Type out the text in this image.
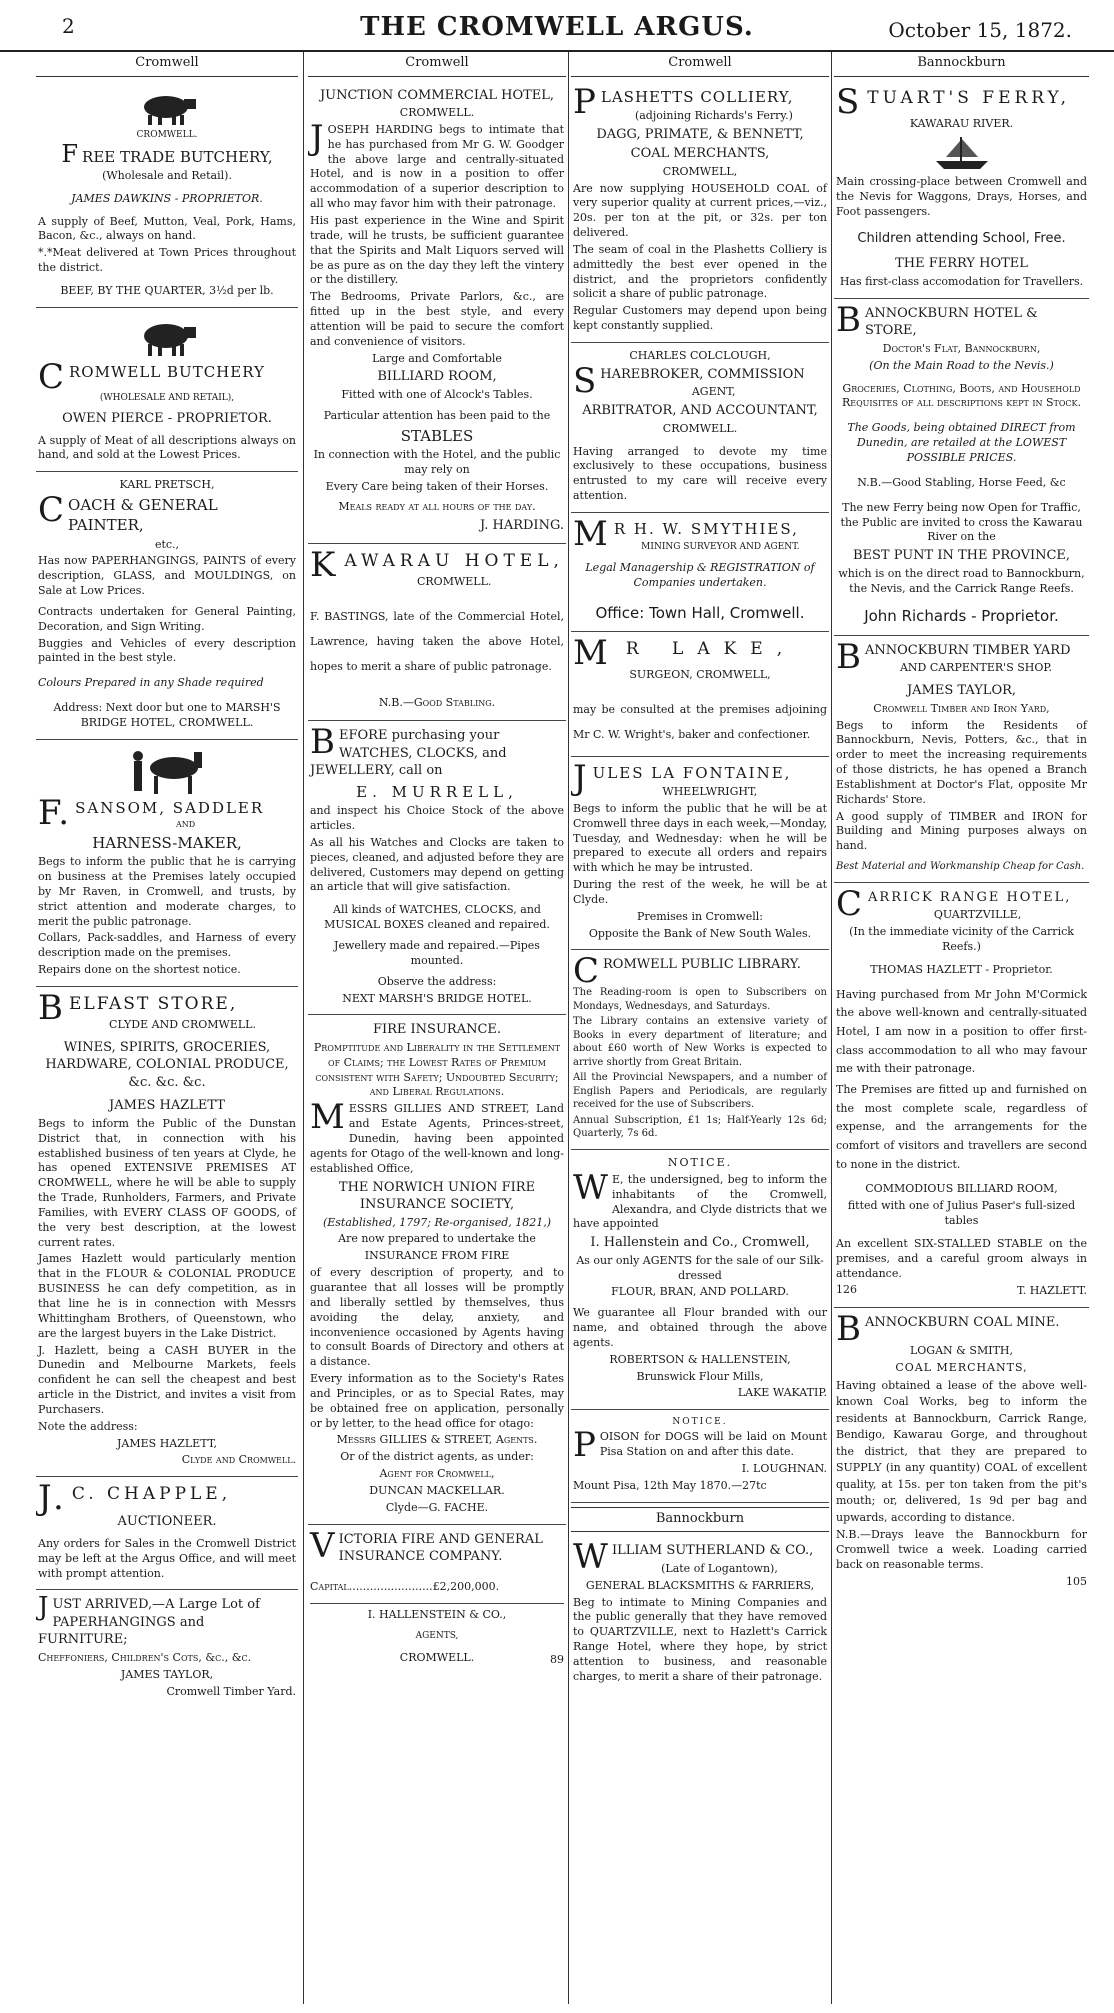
2	THE CROMWELL ARGUS.	October 15, 1872.
Cromwell

CROMWELL.

FREE TRADE BUTCHERY,

(Wholesale and Retail).

JAMES DAWKINS - PROPRIETOR.

A supply of Beef, Mutton, Veal, Pork, Hams, Bacon, &c., always on hand.

*.*Meat delivered at Town Prices throughout the district.

BEEF, BY THE QUARTER, 3½d per lb.

CROMWELL BUTCHERY

(WHOLESALE AND RETAIL),

OWEN PIERCE - PROPRIETOR.

A supply of Meat of all descriptions always on hand, and sold at the Lowest Prices.

KARL PRETSCH,

COACH & GENERAL PAINTER,

etc.,

Has now PAPERHANGINGS, PAINTS of every description, GLASS, and MOULDINGS, on Sale at Low Prices.

Contracts undertaken for General Painting, Decoration, and Sign Writing.

Buggies and Vehicles of every description painted in the best style.

Colours Prepared in any Shade required

Address: Next door but one to MARSH'S BRIDGE HOTEL, CROMWELL.

F. SANSOM, SADDLER

AND

HARNESS-MAKER,

Begs to inform the public that he is carrying on business at the Premises lately occupied by Mr Raven, in Cromwell, and trusts, by strict attention and moderate charges, to merit the public patronage.

Collars, Pack-saddles, and Harness of every description made on the premises.

Repairs done on the shortest notice.

BELFAST STORE,

CLYDE AND CROMWELL.

WINES, SPIRITS, GROCERIES, HARDWARE, COLONIAL PRODUCE, &c. &c. &c.

JAMES HAZLETT

Begs to inform the Public of the Dunstan District that, in connection with his established business of ten years at Clyde, he has opened EXTENSIVE PREMISES AT CROMWELL, where he will be able to supply the Trade, Runholders, Farmers, and Private Families, with EVERY CLASS OF GOODS, of the very best description, at the lowest current rates.

James Hazlett would particularly mention that in the FLOUR & COLONIAL PRODUCE BUSINESS he can defy competition, as in that line he is in connection with Messrs Whittingham Brothers, of Queenstown, who are the largest buyers in the Lake District.

J. Hazlett, being a CASH BUYER in the Dunedin and Melbourne Markets, feels confident he can sell the cheapest and best article in the District, and invites a visit from Purchasers.

Note the address:

JAMES HAZLETT,

Clyde and Cromwell.

J. C. CHAPPLE,

AUCTIONEER.

Any orders for Sales in the Cromwell District may be left at the Argus Office, and will meet with prompt attention.

JUST ARRIVED,—A Large Lot of PAPERHANGINGS and FURNITURE;

Cheffoniers, Children's Cots, &c., &c.

JAMES TAYLOR,

Cromwell Timber Yard.

Cromwell

JUNCTION COMMERCIAL HOTEL,

CROMWELL.

JOSEPH HARDING begs to intimate that he has purchased from Mr G. W. Goodger the above large and centrally-situated Hotel, and is now in a position to offer accommodation of a superior description to all who may favor him with their patronage.

His past experience in the Wine and Spirit trade, will he trusts, be sufficient guarantee that the Spirits and Malt Liquors served will be as pure as on the day they left the vintery or the distillery.

The Bedrooms, Private Parlors, &c., are fitted up in the best style, and every attention will be paid to secure the comfort and convenience of visitors.

Large and Comfortable

BILLIARD ROOM,

Fitted with one of Alcock's Tables.

Particular attention has been paid to the

STABLES

In connection with the Hotel, and the public may rely on

Every Care being taken of their Horses.

Meals ready at all hours of the day.

J. HARDING.

KAWARAU HOTEL,

CROMWELL.

F. BASTINGS, late of the Commercial Hotel, Lawrence, having taken the above Hotel, hopes to merit a share of public patronage.

N.B.—Good Stabling.

BEFORE purchasing your WATCHES, CLOCKS, and JEWELLERY, call on

E. MURRELL,

and inspect his Choice Stock of the above articles.

As all his Watches and Clocks are taken to pieces, cleaned, and adjusted before they are delivered, Customers may depend on getting an article that will give satisfaction.

All kinds of WATCHES, CLOCKS, and MUSICAL BOXES cleaned and repaired.

Jewellery made and repaired.—Pipes mounted.

Observe the address:

NEXT MARSH'S BRIDGE HOTEL.

FIRE INSURANCE.

Promptitude and Liberality in the Settlement of Claims; the Lowest Rates of Premium consistent with Safety; Undoubted Security; and Liberal Regulations.

MESSRS GILLIES AND STREET, Land and Estate Agents, Princes-street, Dunedin, having been appointed agents for Otago of the well-known and long-established Office,

THE NORWICH UNION FIRE INSURANCE SOCIETY,

(Established, 1797; Re-organised, 1821,)

Are now prepared to undertake the

INSURANCE FROM FIRE

of every description of property, and to guarantee that all losses will be promptly and liberally settled by themselves, thus avoiding the delay, anxiety, and inconvenience occasioned by Agents having to consult Boards of Directory and others at a distance.

Every information as to the Society's Rates and Principles, or as to Special Rates, may be obtained free on application, personally or by letter, to the head office for otago:

Messrs GILLIES & STREET, Agents.

Or of the district agents, as under:

Agent for Cromwell,

DUNCAN MACKELLAR.

Clyde—G. FACHE.

VICTORIA FIRE AND GENERAL INSURANCE COMPANY.

Capital........................£2,200,000.

I. HALLENSTEIN & CO.,

AGENTS,

CROMWELL.	89

Cromwell

PLASHETTS COLLIERY,

(adjoining Richards's Ferry.)

DAGG, PRIMATE, & BENNETT,

COAL MERCHANTS,

CROMWELL,

Are now supplying HOUSEHOLD COAL of very superior quality at current prices,—viz., 20s. per ton at the pit, or 32s. per ton delivered.

The seam of coal in the Plashetts Colliery is admittedly the best ever opened in the district, and the proprietors confidently solicit a share of public patronage.

Regular Customers may depend upon being kept constantly supplied.

CHARLES COLCLOUGH,

SHAREBROKER, COMMISSION

AGENT,

ARBITRATOR, AND ACCOUNTANT,

CROMWELL.

Having arranged to devote my time exclusively to these occupations, business entrusted to my care will receive every attention.

M R H. W. SMYTHIES,

MINING SURVEYOR AND AGENT.

Legal Managership & REGISTRATION of Companies undertaken.

Office: Town Hall, Cromwell.

M R LAKE,

SURGEON, CROMWELL,

may be consulted at the premises adjoining Mr C. W. Wright's, baker and confectioner.

JULES LA FONTAINE,

WHEELWRIGHT,

Begs to inform the public that he will be at Cromwell three days in each week,—Monday, Tuesday, and Wednesday: when he will be prepared to execute all orders and repairs with which he may be intrusted.

During the rest of the week, he will be at Clyde.

Premises in Cromwell:

Opposite the Bank of New South Wales.

CROMWELL PUBLIC LIBRARY.

The Reading-room is open to Subscribers on Mondays, Wednesdays, and Saturdays.

The Library contains an extensive variety of Books in every department of literature; and about £60 worth of New Works is expected to arrive shortly from Great Britain.

All the Provincial Newspapers, and a number of English Papers and Periodicals, are regularly received for the use of Subscribers.

Annual Subscription, £1 1s; Half-Yearly 12s 6d; Quarterly, 7s 6d.

NOTICE.

W E, the undersigned, beg to inform the inhabitants of the Cromwell, Alexandra, and Clyde districts that we have appointed

I. Hallenstein and Co., Cromwell,

As our only AGENTS for the sale of our Silk-dressed

FLOUR, BRAN, AND POLLARD.

We guarantee all Flour branded with our name, and obtained through the above agents.

ROBERTSON & HALLENSTEIN,

Brunswick Flour Mills,

LAKE WAKATIP.

NOTICE.

POISON for DOGS will be laid on Mount Pisa Station on and after this date.

I. LOUGHNAN.

Mount Pisa, 12th May 1870.—27tc

Bannockburn

WILLIAM SUTHERLAND & CO.,

(Late of Logantown),

GENERAL BLACKSMITHS & FARRIERS,

Beg to intimate to Mining Companies and the public generally that they have removed to QUARTZVILLE, next to Hazlett's Carrick Range Hotel, where they hope, by strict attention to business, and reasonable charges, to merit a share of their patronage.

Bannockburn

STUART'S FERRY,

KAWARAU RIVER.

Main crossing-place between Cromwell and the Nevis for Waggons, Drays, Horses, and Foot passengers.

Children attending School, Free.

THE FERRY HOTEL

Has first-class accomodation for Travellers.

BANNOCKBURN HOTEL & STORE,

Doctor's Flat, Bannockburn,

(On the Main Road to the Nevis.)

Groceries, Clothing, Boots, and Household Requisites of all descriptions kept in Stock.

The Goods, being obtained DIRECT from Dunedin, are retailed at the LOWEST POSSIBLE PRICES.

N.B.—Good Stabling, Horse Feed, &c

The new Ferry being now Open for Traffic, the Public are invited to cross the Kawarau River on the

BEST PUNT IN THE PROVINCE,

which is on the direct road to Bannockburn, the Nevis, and the Carrick Range Reefs.

John Richards - Proprietor.

BANNOCKBURN TIMBER YARD

AND CARPENTER'S SHOP.

JAMES TAYLOR,

Cromwell Timber and Iron Yard,

Begs to inform the Residents of Bannockburn, Nevis, Potters, &c., that in order to meet the increasing requirements of those districts, he has opened a Branch Establishment at Doctor's Flat, opposite Mr Richards' Store.

A good supply of TIMBER and IRON for Building and Mining purposes always on hand.

Best Material and Workmanship Cheap for Cash.

CARRICK RANGE HOTEL,

QUARTZVILLE,

(In the immediate vicinity of the Carrick Reefs.)

THOMAS HAZLETT - Proprietor.

Having purchased from Mr John M'Cormick the above well-known and centrally-situated Hotel, I am now in a position to offer first-class accommodation to all who may favour me with their patronage.

The Premises are fitted up and furnished on the most complete scale, regardless of expense, and the arrangements for the comfort of visitors and travellers are second to none in the district.

COMMODIOUS BILLIARD ROOM,

fitted with one of Julius Paser's full-sized tables

An excellent SIX-STALLED STABLE on the premises, and a careful groom always in attendance.

126	T. HAZLETT.

BANNOCKBURN COAL MINE.

LOGAN & SMITH,

COAL MERCHANTS,

Having obtained a lease of the above well-known Coal Works, beg to inform the residents at Bannockburn, Carrick Range, Bendigo, Kawarau Gorge, and throughout the district, that they are prepared to SUPPLY (in any quantity) COAL of excellent quality, at 15s. per ton taken from the pit's mouth; or, delivered, 1s 9d per bag and upwards, according to distance.

N.B.—Drays leave the Bannockburn for Cromwell twice a week. Loading carried back on reasonable terms.

105
